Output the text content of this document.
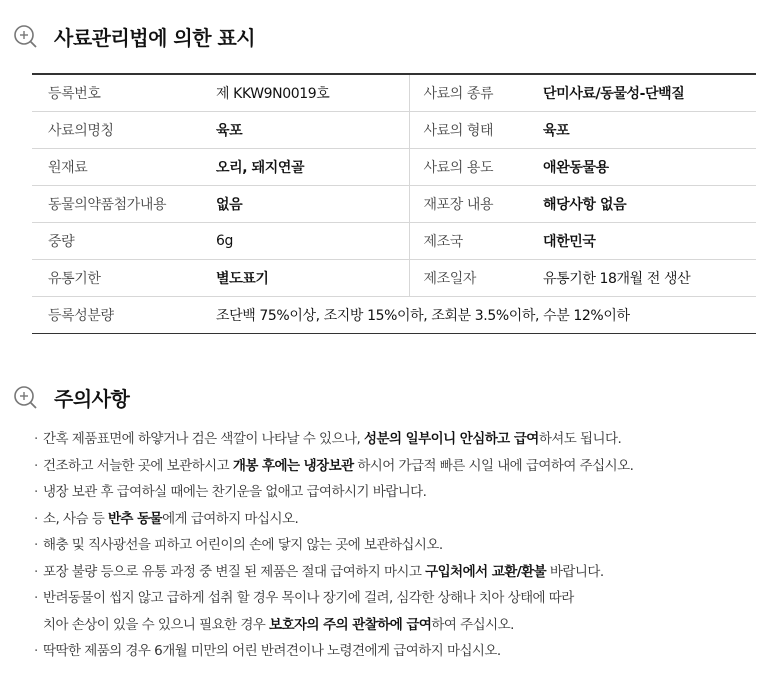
사료관리법에 의한 표시
등록번호	제 KKW9N0019호	사료의 종류	단미사료/동물성-단백질
사료의명칭	육포	사료의 형태	육포
원재료	오리, 돼지연골	사료의 용도	애완동물용
동물의약품첨가내용	없음	재포장 내용	해당사항 없음
중량	6g	제조국	대한민국
유통기한	별도표기	제조일자	유통기한 18개월 전 생산
등록성분량	조단백 75%이상, 조지방 15%이하, 조회분 3.5%이하, 수분 12%이하		
주의사항
· 간혹 제품표면에 하얗거나 검은 색깔이 나타날 수 있으나, 성분의 일부이니 안심하고 급여하셔도 됩니다.
· 건조하고 서늘한 곳에 보관하시고 개봉 후에는 냉장보관 하시어 가급적 빠른 시일 내에 급여하여 주십시오.
· 냉장 보관 후 급여하실 때에는 찬기운을 없애고 급여하시기 바랍니다.
· 소, 사슴 등 반추 동물에게 급여하지 마십시오.
· 해충 및 직사광선을 피하고 어린이의 손에 닿지 않는 곳에 보관하십시오.
· 포장 불량 등으로 유통 과정 중 변질 된 제품은 절대 급여하지 마시고 구입처에서 교환/환불 바랍니다.
· 반려동물이 씹지 않고 급하게 섭취 할 경우 목이나 장기에 걸려, 심각한 상해나 치아 상태에 따라
치아 손상이 있을 수 있으니 필요한 경우 보호자의 주의 관찰하에 급여하여 주십시오.
· 딱딱한 제품의 경우 6개월 미만의 어린 반려견이나 노령견에게 급여하지 마십시오.
